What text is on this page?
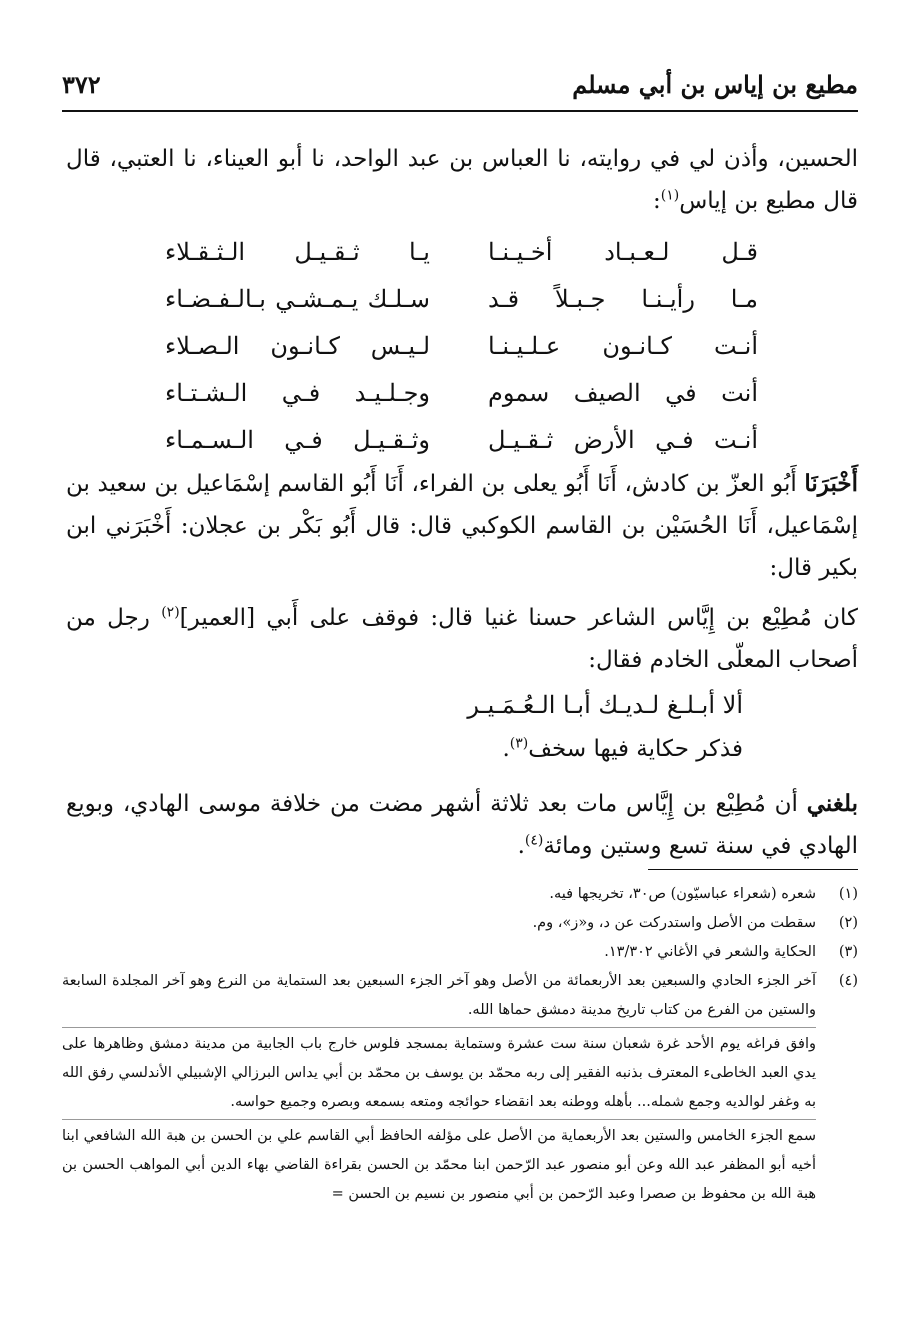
مطيع بن إياس بن أبي مسلم
٣٧٢

الحسين، وأذن لي في روايته، نا العباس بن عبد الواحد، نا أبو العيناء، نا العتبي، قال قال مطيع بن إياس$^{(١)}$:

قـل لـعـبـاد أخـيـنـا
يـا ثـقـيـل الـثـقـلاء
مـا رأيـنـا جـبـلاً قـد
سـلـك يـمـشـي بـالـفـضـاء
أنـت كـانـون عـلـيـنـا
لـيـس كـانـون الـصـلاء
أنت في الصيف سموم
وجـلـيـد فـي الـشـتـاء
أنـت فـي الأرض ثـقـيـل
وثـقـيـل فـي الـسـمـاء

أَخْبَرَنَا أَبُو العزّ بن كادش، أَنَا أَبُو يعلى بن الفراء، أَنَا أَبُو القاسم إسْمَاعيل بن سعيد بن إسْمَاعيل، أَنَا الحُسَيْن بن القاسم الكوكبي قال: قال أَبُو بَكْر بن عجلان: أَخْبَرَني ابن بكير قال:

كان مُطِيْع بن إِيَّاس الشاعر حسنا غنيا قال: فوقف على أَبي [العمير]$^{(٢)}$ رجل من أصحاب المعلّى الخادم فقال:

ألا أبـلـغ لـديـك أبـا الـعُـمَـيـر
فذكر حكاية فيها سخف$^{(٣)}$.

بلغني أن مُطِيْع بن إِيَّاس مات بعد ثلاثة أشهر مضت من خلافة موسى الهادي، وبويع الهادي في سنة تسع وستين ومائة$^{(٤)}$.

(١)
شعره (شعراء عباسيّون) ص٣٠، تخريجها فيه.
(٢)
سقطت من الأصل واستدركت عن د، و«ز»، وم.
(٣)
الحكاية والشعر في الأغاني ١٣/٣٠٢.
(٤)

آخر الجزء الحادي والسبعين بعد الأربعمائة من الأصل وهو آخر الجزء السبعين بعد الستماية من النرع وهو آخر المجلدة السابعة والستين من الفرع من كتاب تاريخ مدينة دمشق حماها الله.

وافق فراغه يوم الأحد غرة شعبان سنة ست عشرة وستماية بمسجد فلوس خارج باب الجابية من مدينة دمشق وظاهرها على يدي العبد الخاطىء المعترف بذنبه الفقير إلى ربه محمّد بن يوسف بن محمّد بن أبي يداس البرزالي الإشبيلي الأندلسي رفق الله به وغفر لوالديه وجمع شمله... بأهله ووطنه بعد انقضاء حوائجه ومتعه بسمعه وبصره وجميع حواسه.

سمع الجزء الخامس والستين بعد الأربعماية من الأصل على مؤلفه الحافظ أبي القاسم علي بن الحسن بن هبة الله الشافعي ابنا أخيه أبو المظفر عبد الله وعن أبو منصور عبد الرّحمن ابنا محمّد بن الحسن بقراءة القاضي بهاء الدين أبي المواهب الحسن بن هبة الله بن محفوظ بن صصرا وعبد الرّحمن بن أبي منصور بن نسيم بن الحسن =
